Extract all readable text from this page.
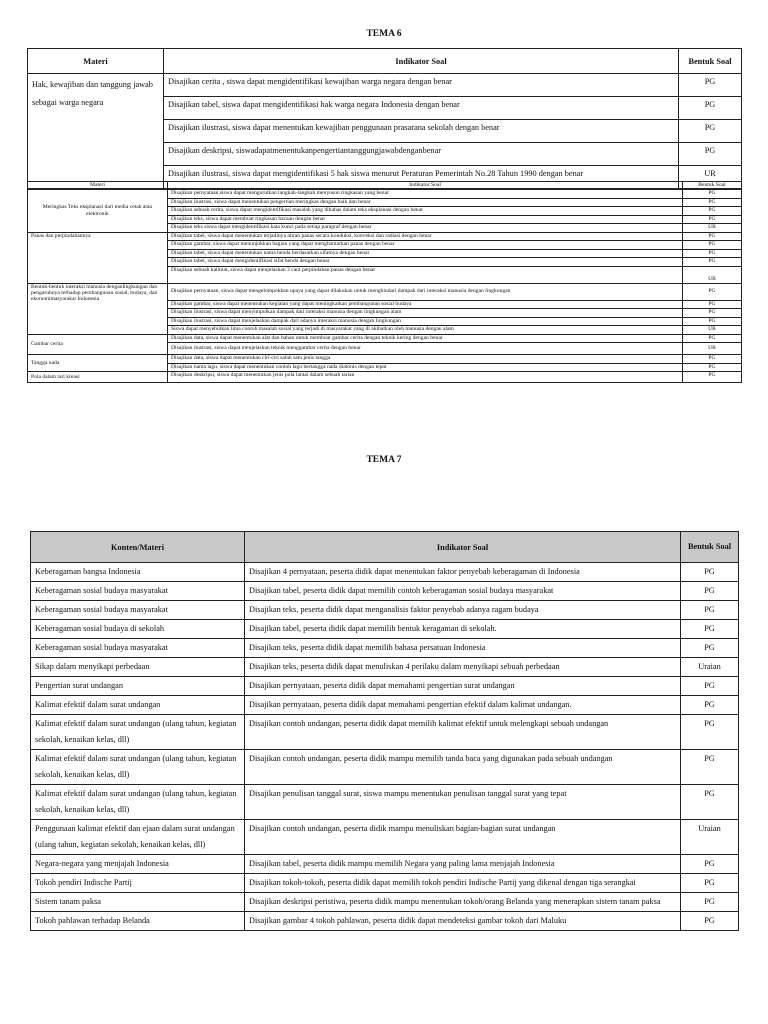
TEMA 6
Materi	Indikator Soal	Bentuk Soal
Hak, kewajiban dan tanggung jawab sebagai warga negara	Disajikan cerita , siswa dapat mengidentifikasi kewajiban warga negara dengan benar	PG
	Disajikan tabel, siswa dapat mengidentifikasi hak warga negara Indonesia dengan benar	PG
	Disajikan ilustrasi, siswa dapat menentukan kewajiban penggunaan prasarana sekolah dengan benar	PG
	Disajikan deskripsi, siswadapatmenentukanpengertiantanggungjawabdenganbenar	PG
	Disajikan ilustrasi, siswa dapat mengidentifikasi 5 hak siswa menurut Peraturan Pemerintah No.28 Tahun 1990 dengan benar	UR
Materi	Indikator Soal	Bentuk Soal
Meringkas Teks eksplanasi dari media cetak atau elektronik	Disajikan pernyataan,siswa dapat mengurutkan langkah-langkah menyusun ringkasan yang benar	PG
	Disajikan ilustrasi, siswa dapat menentukan pengertian meringkas dengan baik dan benar	PG
	Disajikan sebuah cerita, siswa dapat mengidentifikasi masalah yang dibahas dalam teks eksplanasi dengan benar	PG
	Disajikan teks, siswa dapat membuat ringkasan bacaan dengan benar	PG
	Disajikan teks siswa dapat mengidentifikasi kata kunci pada setiap paragraf dengan benar	UR
Panas dan perpindahannya	Disajikan tabel, siswa dapat menentukan terjadinya aliran panas secara konduksi, konveksi dan radiasi dengan benar	PG
	Disajikan gambar, siswa dapat menunjukkan bagian yang dapat menghantarkan panas dengan benar	PG
	Disajikan tabel, siswa dapat menentukan nama benda berdasarkan sifatnya dengan benar	PG
	Disajikan tabel, siswa dapat mengidentifikasi sifat benda dengan benar	PG
	Disajikan sebuah kalimat, siswa dapat menjelaskan 3 cara perpindahan panas dengan benar	UR
Bentuk-bentuk interaksi manusia denganlingkungan dan pengaruhnya terhadap pembangunan sosial, budaya, dan ekonomimasyarakat Indonesia	Disajikan pernyataan, siswa dapat mengelompokkan upaya yang dapat dilakukan untuk menghindari dampak dari interaksi manusia dengan lingkungan	PG
	Disajikan gambar, siswa dapat menentukan kegiatan yang dapat meningkatkan pembangunan sosial budaya	PG
	Disajikan ilustrasi, siswa dapat menyimpulkan dampak dari interaksi manusia dengan lingkungan alam	PG
	Disajikan ilustrasi, siswa dapat menjelaskan dampak dari adanya interaksi manusia dengan lingkungan	PG
	Siswa dapat menyebutkan lima contoh masalah sosial yang terjadi di masyarakat yang di akibatkan oleh manusia dengan alam	UR
Gambar cerita	Disajikan data, siswa dapat menentukan alat dan bahan untuk membuat gambar cerita dengan teknik kering dengan benar	PG
	Disajikan ilustrasi, siswa dapat menjelaskan teknik menggambar cerita dengan benar	UR
Tangga nada	Disajikan data, siswa dapat menentukan ciri-ciri salah satu jenis tangga	PG
	Disajikan nama lagu, siswa dapat menentukan contoh lagu bertangga nada diatonis dengan tepat	PG
Pola dalam tari kreasi	Disajikan deskripsi, siswa dapat menentukan jenis pola lantai dalam sebuah tarian	PG
TEMA 7
Konten/Materi	Indikator Soal	Bentuk Soal
Keberagaman bangsa Indonesia	Disajikan 4 pernyataan, peserta didik dapat menentukan faktor penyebab keberagaman di Indonesia	PG
Keberagaman sosial budaya masyarakat	Disajikan tabel, peserta didik dapat memilih contoh keberagaman sosial budaya masyarakat	PG
Keberagaman sosial budaya masyarakat	Disajikan teks, peserta didik dapat menganalisis faktor penyebab adanya ragam budaya	PG
Keberagaman sosial budaya di sekolah	Disajikan tabel, peserta didik dapat memilih bentuk keragaman di sekolah.	PG
Keberagaman sosial budaya masyarakat	Disajikan teks, peserta didik dapat memilih bahasa persatuan Indonesia	PG
Sikap dalam menyikapi perbedaan	Disajikan teks, peserta didik dapat menuliskan 4 perilaku dalam menyikapi sebuah perbedaan	Uraian
Pengertian surat undangan	Disajikan pernyataan, peserta didik dapat memahami pengertian surat undangan	PG
Kalimat efektif dalam surat undangan	Disajikan pernyataan, peserta didik dapat memahami pengertian efektif dalam kalimat undangan.	PG
Kalimat efektif dalam surat undangan (ulang tahun, kegiatan sekolah, kenaikan kelas, dll)	Disajikan contoh undangan, peserta didik dapat memilih kalimat efektif untuk melengkapi sebuah undangan	PG
Kalimat efektif dalam surat undangan (ulang tahun, kegiatan sekolah, kenaikan kelas, dll)	Disajikan contoh undangan, peserta didik mampu memilih tanda baca yang digunakan pada sebuah undangan	PG
Kalimat efektif dalam surat undangan (ulang tahun, kegiatan sekolah, kenaikan kelas, dll)	Disajikan penulisan tanggal surat, siswa mampu menentukan penulisan tanggal surat yang tepat	PG
Penggunaan kalimat efektif dan ejaan dalam surat undangan (ulang tahun, kegiatan sekolah, kenaikan kelas, dll)	Disajikan contoh undangan, peserta didik mampu menuliskan bagian-bagian surat undangan	Uraian
Negara-negara yang menjajah Indonesia	Disajikan tabel, peserta didik mampu memilih Negara yang paling lama menjajah Indonesia	PG
Tokoh pendiri Indische Partij	Disajikan tokoh-tokoh, peserta didik dapat memilih tokoh pendiri Indische Partij yang dikenal dengan tiga serangkai	PG
Sistem tanam paksa	Disajikan deskripsi peristiwa, peserta didik mampu menentukan tokoh/orang Belanda yang menerapkan sistem tanam paksa	PG
Tokoh pahlawan terhadap Belanda	Disajikan gambar 4 tokoh pahlawan, peserta didik dapat mendeteksi gambar tokoh dari Maluku	PG
